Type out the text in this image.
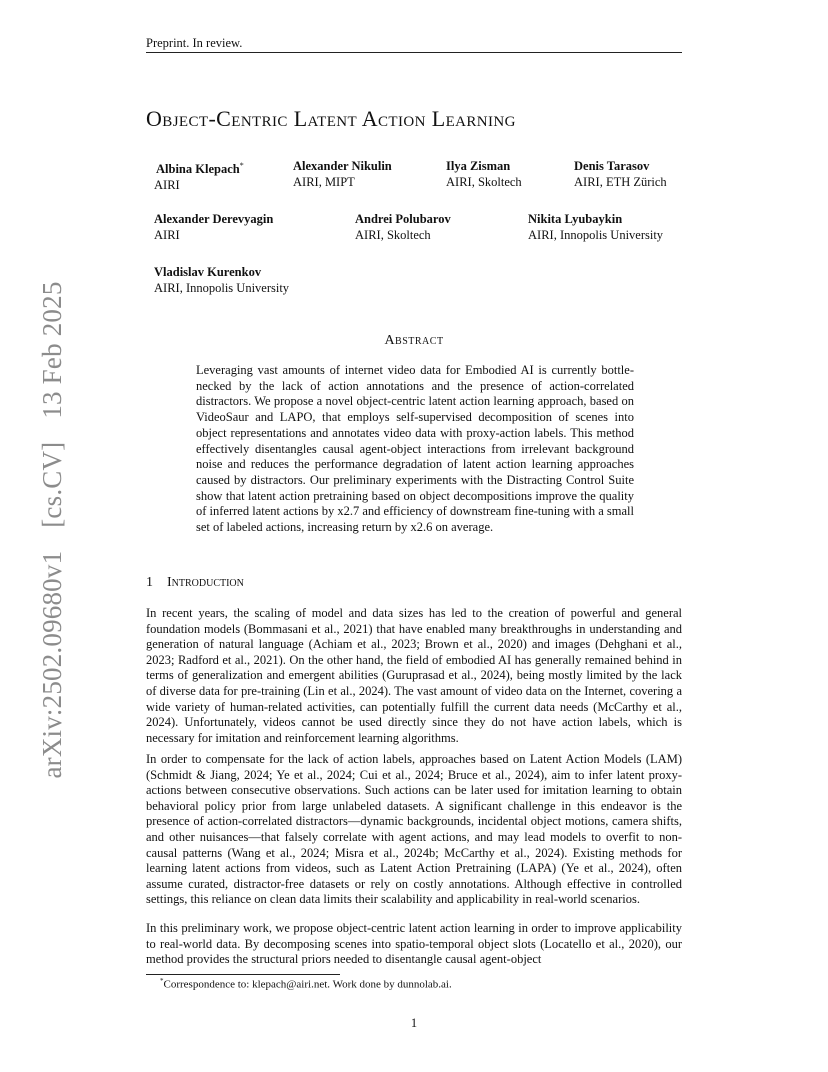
Preprint. In review.
arXiv:2502.09680v1 [cs.CV] 13 Feb 2025
Object-Centric Latent Action Learning
Albina Klepach*
AIRI
Alexander Nikulin
AIRI, MIPT
Ilya Zisman
AIRI, Skoltech
Denis Tarasov
AIRI, ETH Zürich
Alexander Derevyagin
AIRI
Andrei Polubarov
AIRI, Skoltech
Nikita Lyubaykin
AIRI, Innopolis University
Vladislav Kurenkov
AIRI, Innopolis University
Abstract
Leveraging vast amounts of internet video data for Embodied AI is currently bottle-necked by the lack of action annotations and the presence of action-correlated distractors. We propose a novel object-centric latent action learning approach, based on VideoSaur and LAPO, that employs self-supervised decomposition of scenes into object representations and annotates video data with proxy-action labels. This method effectively disentangles causal agent-object interactions from irrelevant background noise and reduces the performance degradation of latent action learning approaches caused by distractors. Our preliminary experiments with the Distracting Control Suite show that latent action pretraining based on object decompositions improve the quality of inferred latent actions by x2.7 and efficiency of downstream fine-tuning with a small set of labeled actions, increasing return by x2.6 on average.
1 Introduction
In recent years, the scaling of model and data sizes has led to the creation of powerful and general foundation models (Bommasani et al., 2021) that have enabled many breakthroughs in understanding and generation of natural language (Achiam et al., 2023; Brown et al., 2020) and images (Dehghani et al., 2023; Radford et al., 2021). On the other hand, the field of embodied AI has generally remained behind in terms of generalization and emergent abilities (Guruprasad et al., 2024), being mostly limited by the lack of diverse data for pre-training (Lin et al., 2024). The vast amount of video data on the Internet, covering a wide variety of human-related activities, can potentially fulfill the current data needs (McCarthy et al., 2024). Unfortunately, videos cannot be used directly since they do not have action labels, which is necessary for imitation and reinforcement learning algorithms.
In order to compensate for the lack of action labels, approaches based on Latent Action Models (LAM) (Schmidt & Jiang, 2024; Ye et al., 2024; Cui et al., 2024; Bruce et al., 2024), aim to infer latent proxy-actions between consecutive observations. Such actions can be later used for imitation learning to obtain behavioral policy prior from large unlabeled datasets. A significant challenge in this endeavor is the presence of action-correlated distractors—dynamic backgrounds, incidental object motions, camera shifts, and other nuisances—that falsely correlate with agent actions, and may lead models to overfit to non-causal patterns (Wang et al., 2024; Misra et al., 2024b; McCarthy et al., 2024). Existing methods for learning latent actions from videos, such as Latent Action Pretraining (LAPA) (Ye et al., 2024), often assume curated, distractor-free datasets or rely on costly annotations. Although effective in controlled settings, this reliance on clean data limits their scalability and applicability in real-world scenarios.
In this preliminary work, we propose object-centric latent action learning in order to improve applicability to real-world data. By decomposing scenes into spatio-temporal object slots (Locatello et al., 2020), our method provides the structural priors needed to disentangle causal agent-object
*Correspondence to: klepach@airi.net. Work done by dunnolab.ai.
1
